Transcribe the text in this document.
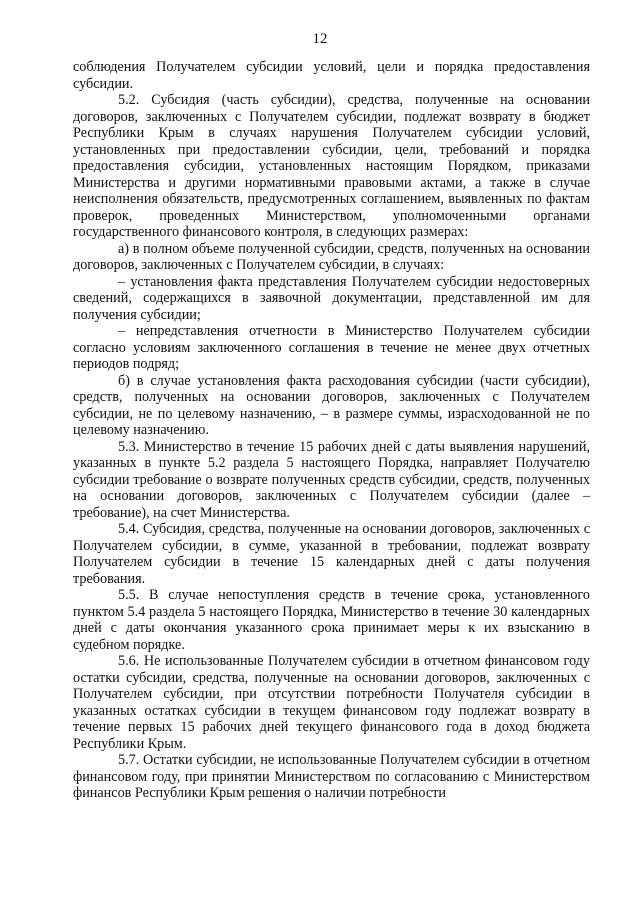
12

соблюдения Получателем субсидии условий, цели и порядка предоставления субсидии.

5.2. Субсидия (часть субсидии), средства, полученные на основании договоров, заключенных с Получателем субсидии, подлежат возврату в бюджет Республики Крым в случаях нарушения Получателем субсидии условий, установленных при предоставлении субсидии, цели, требований и порядка предоставления субсидии, установленных настоящим Порядком, приказами Министерства и другими нормативными правовыми актами, а также в случае неисполнения обязательств, предусмотренных соглашением, выявленных по фактам проверок, проведенных Министерством, уполномоченными органами государственного финансового контроля, в следующих размерах:

а) в полном объеме полученной субсидии, средств, полученных на основании договоров, заключенных с Получателем субсидии, в случаях:

– установления факта представления Получателем субсидии недостоверных сведений, содержащихся в заявочной документации, представленной им для получения субсидии;

– непредставления отчетности в Министерство Получателем субсидии согласно условиям заключенного соглашения в течение не менее двух отчетных периодов подряд;

б) в случае установления факта расходования субсидии (части субсидии), средств, полученных на основании договоров, заключенных с Получателем субсидии, не по целевому назначению, – в размере суммы, израсходованной не по целевому назначению.

5.3. Министерство в течение 15 рабочих дней с даты выявления нарушений, указанных в пункте 5.2 раздела 5 настоящего Порядка, направляет Получателю субсидии требование о возврате полученных средств субсидии, средств, полученных на основании договоров, заключенных с Получателем субсидии (далее – требование), на счет Министерства.

5.4. Субсидия, средства, полученные на основании договоров, заключенных с Получателем субсидии, в сумме, указанной в требовании, подлежат возврату Получателем субсидии в течение 15 календарных дней с даты получения требования.

5.5. В случае непоступления средств в течение срока, установленного пунктом 5.4 раздела 5 настоящего Порядка, Министерство в течение 30 календарных дней с даты окончания указанного срока принимает меры к их взысканию в судебном порядке.

5.6. Не использованные Получателем субсидии в отчетном финансовом году остатки субсидии, средства, полученные на основании договоров, заключенных с Получателем субсидии, при отсутствии потребности Получателя субсидии в указанных остатках субсидии в текущем финансовом году подлежат возврату в течение первых 15 рабочих дней текущего финансового года в доход бюджета Республики Крым.

5.7. Остатки субсидии, не использованные Получателем субсидии в отчетном финансовом году, при принятии Министерством по согласованию с Министерством финансов Республики Крым решения о наличии потребности
